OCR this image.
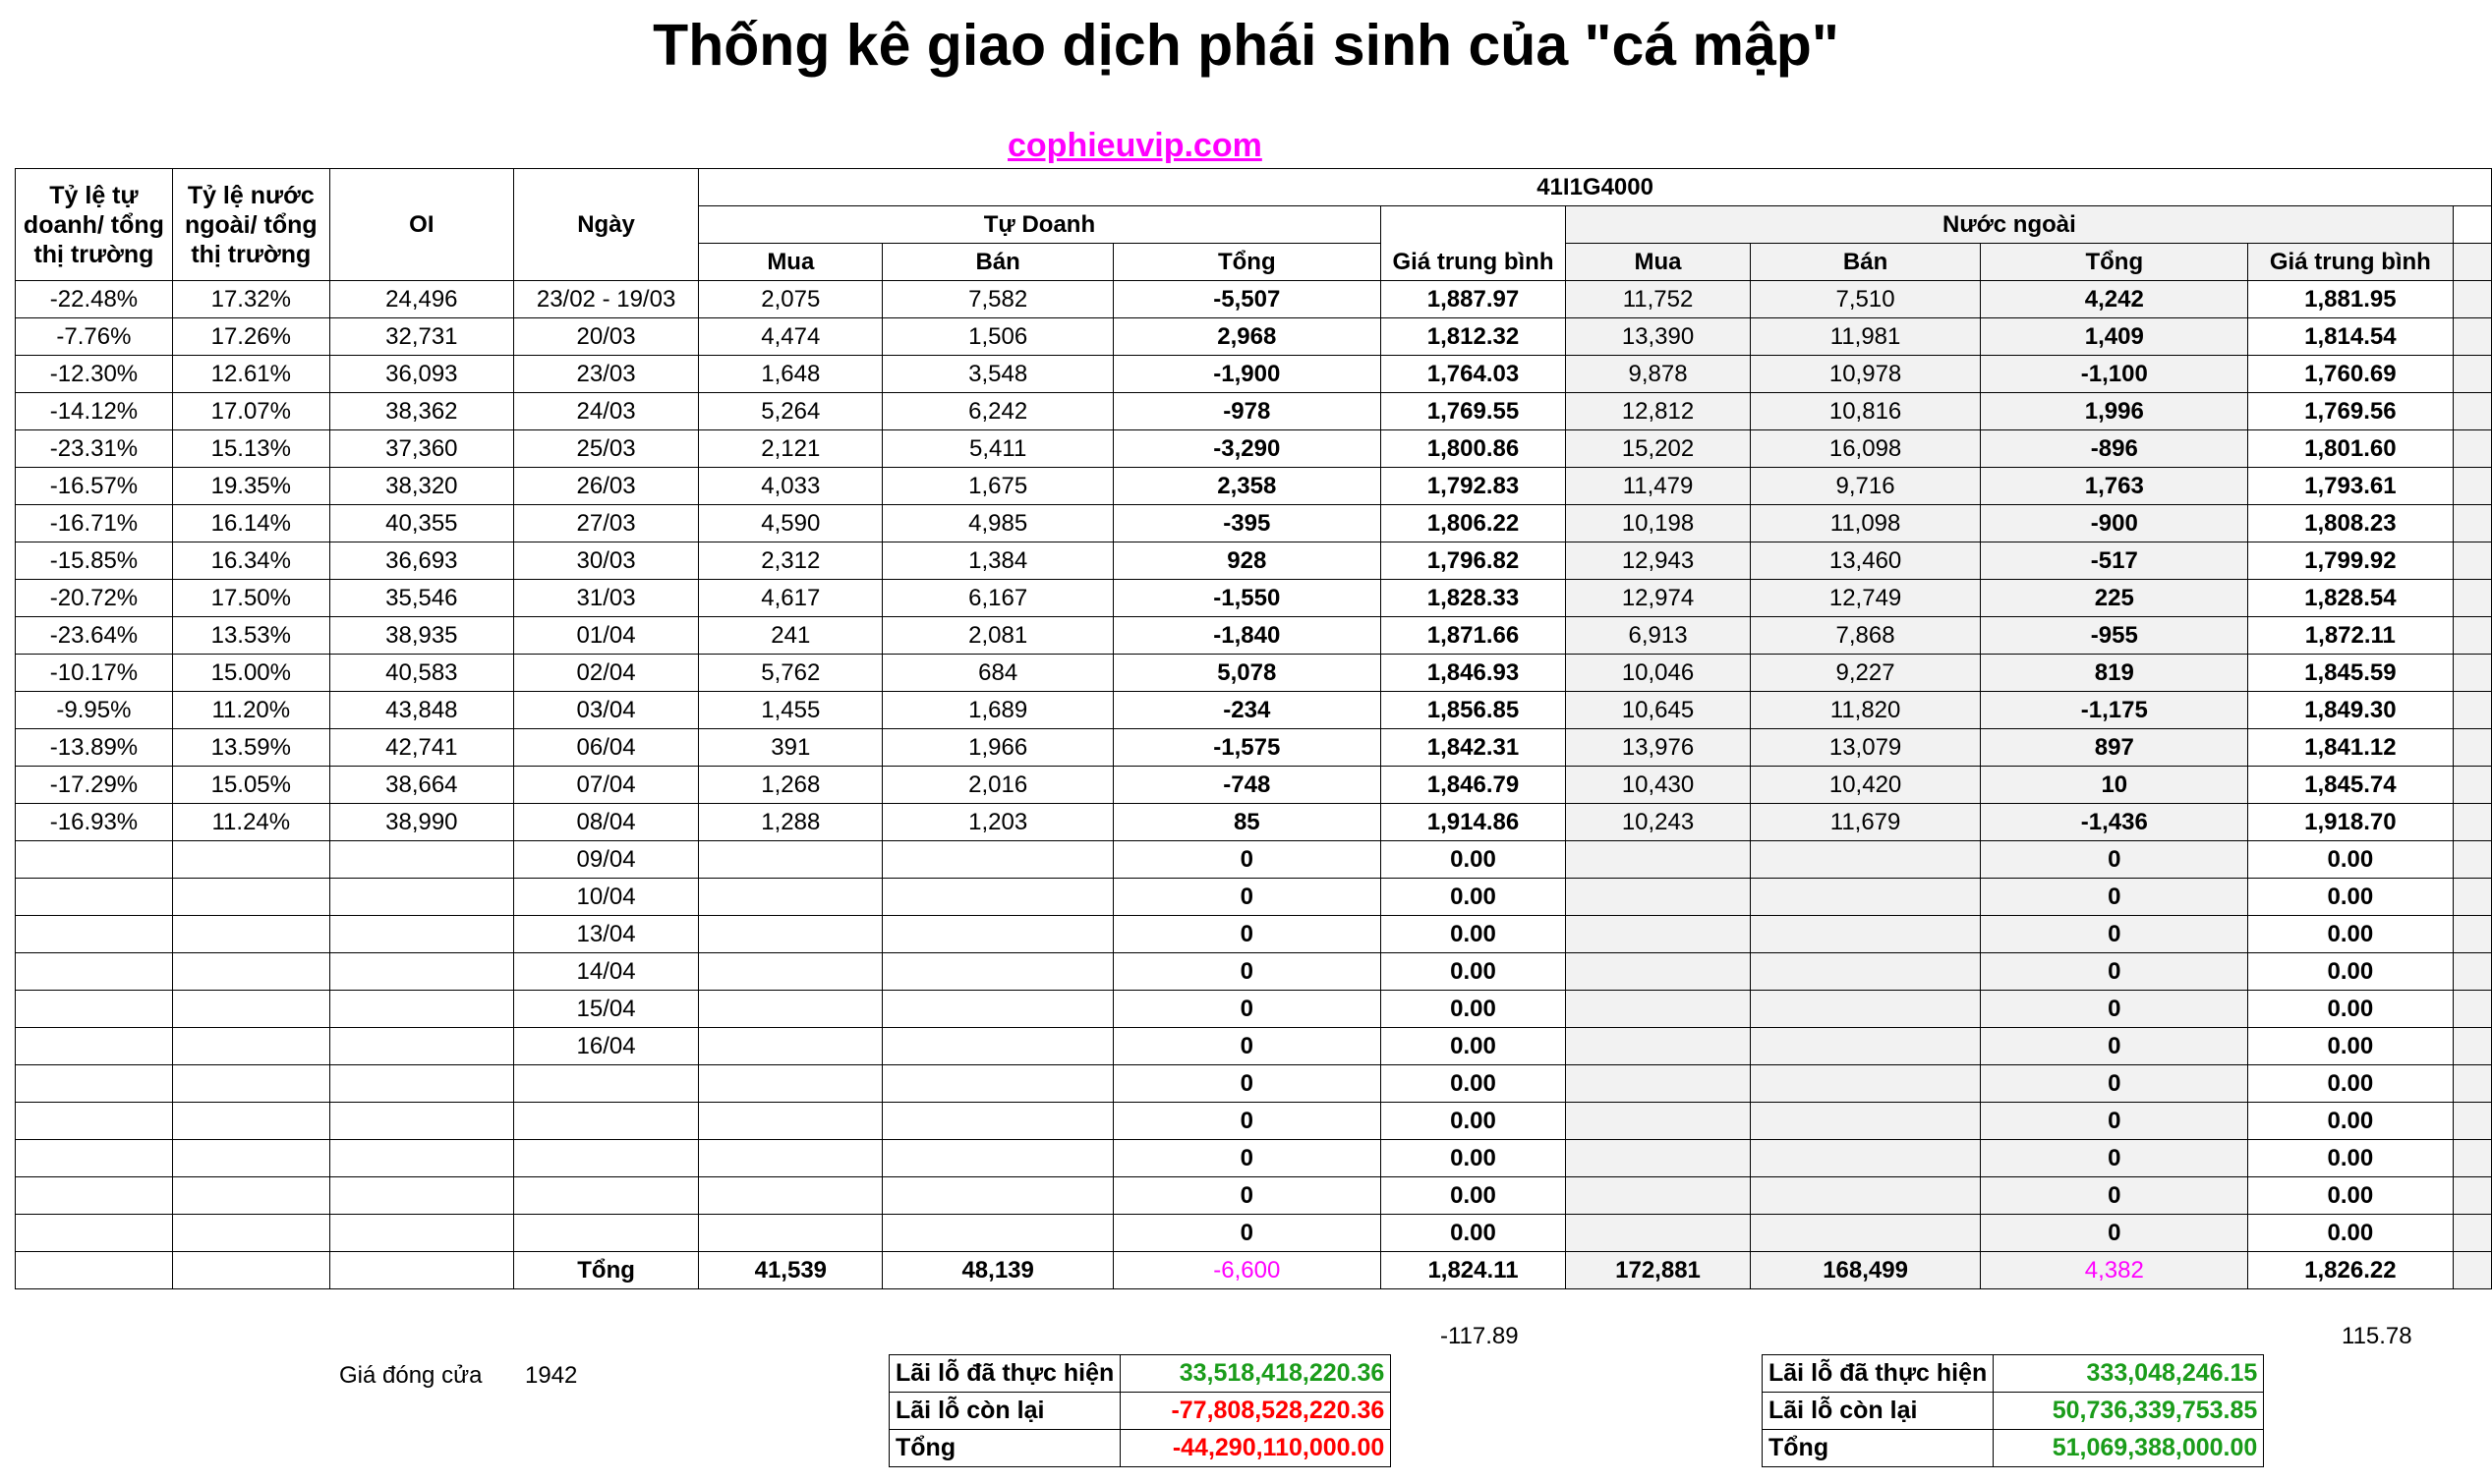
Thống kê giao dịch phái sinh của "cá mập"
cophieuvip.com
Tỷ lệ tự doanh/ tổng thị trường	Tỷ lệ nước ngoài/ tổng thị trường	OI	Ngày	41I1G4000								
				Tự Doanh				Nước ngoài				
				Mua	Bán	Tổng	Giá trung bình	Mua	Bán	Tổng	Giá trung bình	
-22.48%	17.32%	24,496	23/02 - 19/03	2,075	7,582	-5,507	1,887.97	11,752	7,510	4,242	1,881.95	
-7.76%	17.26%	32,731	20/03	4,474	1,506	2,968	1,812.32	13,390	11,981	1,409	1,814.54	
-12.30%	12.61%	36,093	23/03	1,648	3,548	-1,900	1,764.03	9,878	10,978	-1,100	1,760.69	
-14.12%	17.07%	38,362	24/03	5,264	6,242	-978	1,769.55	12,812	10,816	1,996	1,769.56	
-23.31%	15.13%	37,360	25/03	2,121	5,411	-3,290	1,800.86	15,202	16,098	-896	1,801.60	
-16.57%	19.35%	38,320	26/03	4,033	1,675	2,358	1,792.83	11,479	9,716	1,763	1,793.61	
-16.71%	16.14%	40,355	27/03	4,590	4,985	-395	1,806.22	10,198	11,098	-900	1,808.23	
-15.85%	16.34%	36,693	30/03	2,312	1,384	928	1,796.82	12,943	13,460	-517	1,799.92	
-20.72%	17.50%	35,546	31/03	4,617	6,167	-1,550	1,828.33	12,974	12,749	225	1,828.54	
-23.64%	13.53%	38,935	01/04	241	2,081	-1,840	1,871.66	6,913	7,868	-955	1,872.11	
-10.17%	15.00%	40,583	02/04	5,762	684	5,078	1,846.93	10,046	9,227	819	1,845.59	
-9.95%	11.20%	43,848	03/04	1,455	1,689	-234	1,856.85	10,645	11,820	-1,175	1,849.30	
-13.89%	13.59%	42,741	06/04	391	1,966	-1,575	1,842.31	13,976	13,079	897	1,841.12	
-17.29%	15.05%	38,664	07/04	1,268	2,016	-748	1,846.79	10,430	10,420	10	1,845.74	
-16.93%	11.24%	38,990	08/04	1,288	1,203	85	1,914.86	10,243	11,679	-1,436	1,918.70	
			09/04			0	0.00			0	0.00	
			10/04			0	0.00			0	0.00	
			13/04			0	0.00			0	0.00	
			14/04			0	0.00			0	0.00	
			15/04			0	0.00			0	0.00	
			16/04			0	0.00			0	0.00	
						0	0.00			0	0.00	
						0	0.00			0	0.00	
						0	0.00			0	0.00	
						0	0.00			0	0.00	
						0	0.00			0	0.00	
			Tổng	41,539	48,139	-6,600	1,824.11	172,881	168,499	4,382	1,826.22	
-117.89	115.78
Giá đóng cửa 1942	Lãi lỗ đã thực hiện	33,518,418,220.36
Lãi lỗ còn lại	-77,808,528,220.36
Tổng	-44,290,110,000.00
Lãi lỗ đã thực hiện	333,048,246.15
Lãi lỗ còn lại	50,736,339,753.85
Tổng	51,069,388,000.00
